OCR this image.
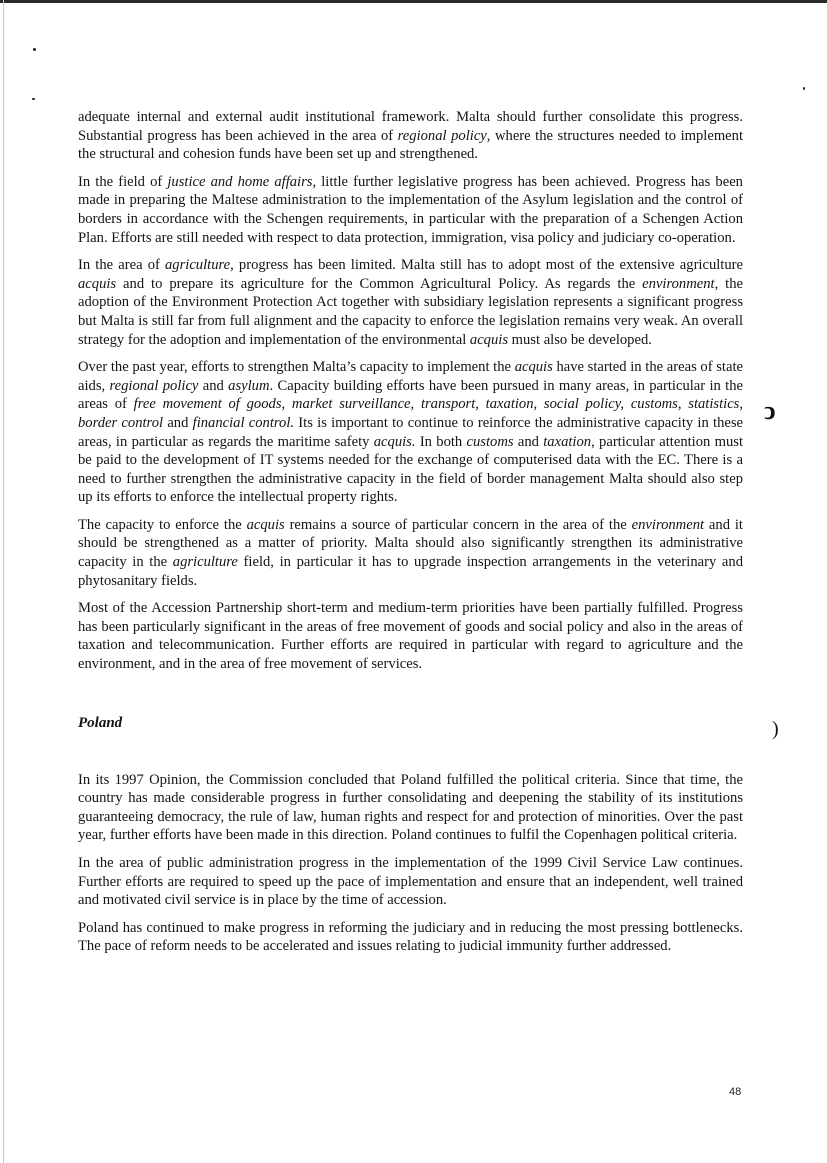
ↄ
)

adequate internal and external audit institutional framework. Malta should further consolidate this progress. Substantial progress has been achieved in the area of regional policy, where the structures needed to implement the structural and cohesion funds have been set up and strengthened.

In the field of justice and home affairs, little further legislative progress has been achieved. Progress has been made in preparing the Maltese administration to the implementation of the Asylum legislation and the control of borders in accordance with the Schengen requirements, in particular with the preparation of a Schengen Action Plan. Efforts are still needed with respect to data protection, immigration, visa policy and judiciary co-operation.

In the area of agriculture, progress has been limited. Malta still has to adopt most of the extensive agriculture acquis and to prepare its agriculture for the Common Agricultural Policy. As regards the environment, the adoption of the Environment Protection Act together with subsidiary legislation represents a significant progress but Malta is still far from full alignment and the capacity to enforce the legislation remains very weak. An overall strategy for the adoption and implementation of the environmental acquis must also be developed.

Over the past year, efforts to strengthen Malta’s capacity to implement the acquis have started in the areas of state aids, regional policy and asylum. Capacity building efforts have been pursued in many areas, in particular in the areas of free movement of goods, market surveillance, transport, taxation, social policy, customs, statistics, border control and financial control. Its is important to continue to reinforce the administrative capacity in these areas, in particular as regards the maritime safety acquis. In both customs and taxation, particular attention must be paid to the development of IT systems needed for the exchange of computerised data with the EC. There is a need to further strengthen the administrative capacity in the field of border management Malta should also step up its efforts to enforce the intellectual property rights.

The capacity to enforce the acquis remains a source of particular concern in the area of the environment and it should be strengthened as a matter of priority. Malta should also significantly strengthen its administrative capacity in the agriculture field, in particular it has to upgrade inspection arrangements in the veterinary and phytosanitary fields.

Most of the Accession Partnership short-term and medium-term priorities have been partially fulfilled. Progress has been particularly significant in the areas of free movement of goods and social policy and also in the areas of taxation and telecommunication. Further efforts are required in particular with regard to agriculture and the environment, and in the area of free movement of services.

Poland

In its 1997 Opinion, the Commission concluded that Poland fulfilled the political criteria. Since that time, the country has made considerable progress in further consolidating and deepening the stability of its institutions guaranteeing democracy, the rule of law, human rights and respect for and protection of minorities. Over the past year, further efforts have been made in this direction. Poland continues to fulfil the Copenhagen political criteria.

In the area of public administration progress in the implementation of the 1999 Civil Service Law continues. Further efforts are required to speed up the pace of implementation and ensure that an independent, well trained and motivated civil service is in place by the time of accession.

Poland has continued to make progress in reforming the judiciary and in reducing the most pressing bottlenecks. The pace of reform needs to be accelerated and issues relating to judicial immunity further addressed.

48
